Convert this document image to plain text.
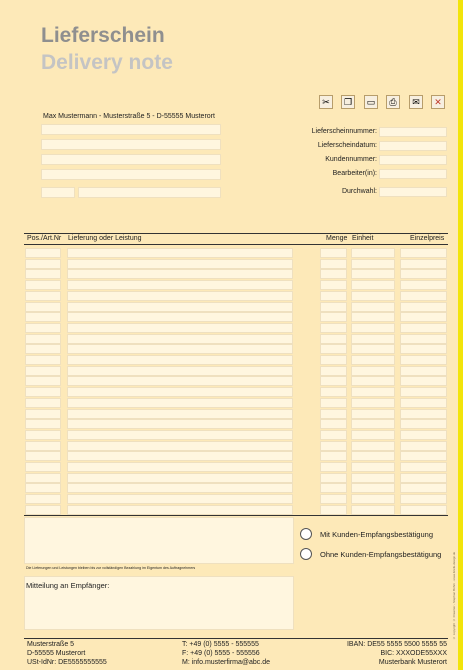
© copyright © Dreamer - Stephan Böhm · www.briefe-design.de
Lieferschein
Delivery note
✂	❐	▭	⎙	✉	✕
Max Mustermann - Musterstraße 5 - D-55555 Musterort
Lieferscheinnummer:
Lieferscheindatum:
Kundennummer:
Bearbeiter(in):
Durchwahl:
Pos./Art.Nr Lieferung oder Leistung	Menge Einheit	Einzelpreis
Die Lieferungen und Leistungen bleiben bis zur vollständigen Bezahlung im Eigentum des Auftragnehmers
Mit Kunden-Empfangsbestätigung
Ohne Kunden-Empfangsbestätigung
Mitteilung an Empfänger:
Musterstraße 5
D-55555 Musterort
USt-IdNr: DE5555555555
T: +49 (0) 5555 - 555555
F: +49 (0) 5555 - 555556
M: info.musterfirma@abc.de
IBAN: DE55 5555 5500 5555 55
BIC: XXXODE55XXX
Musterbank Musterort
